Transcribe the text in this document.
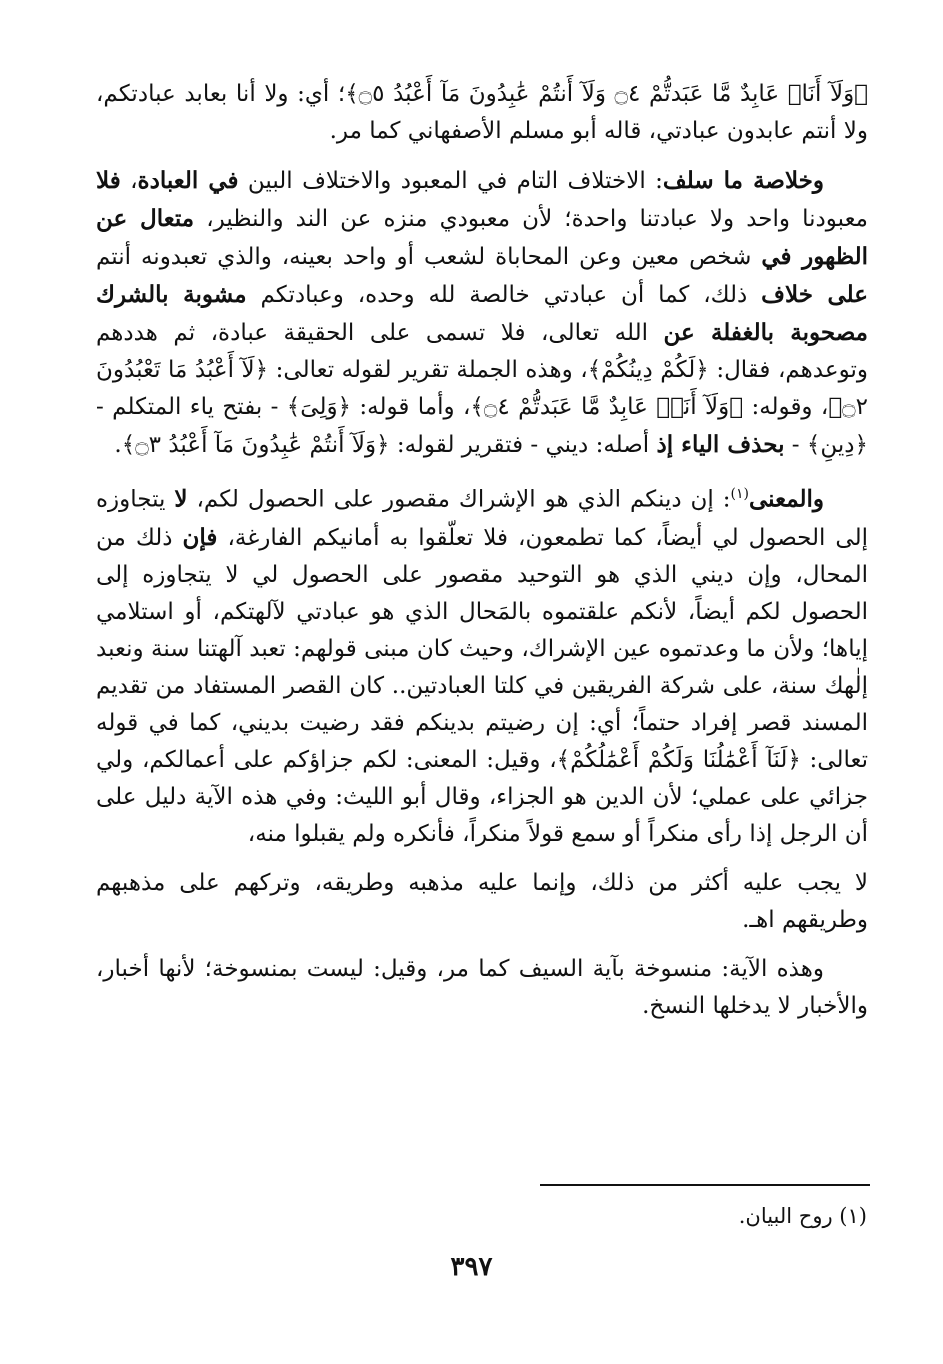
﴿وَلَآ أَنَا۠ عَابِدٌ مَّا عَبَدتُّمْ ۝٤ وَلَآ أَنتُمْ عَٰبِدُونَ مَآ أَعْبُدُ ۝٥﴾؛ أي: ولا أنا بعابد عبادتكم، ولا أنتم عابدون عبادتي، قاله أبو مسلم الأصفهاني كما مر.

وخلاصة ما سلف: الاختلاف التام في المعبود والاختلاف البين في العبادة، فلا معبودنا واحد ولا عبادتنا واحدة؛ لأن معبودي منزه عن الند والنظير، متعال عن الظهور في شخص معين وعن المحاباة لشعب أو واحد بعينه، والذي تعبدونه أنتم على خلاف ذلك، كما أن عبادتي خالصة لله وحده، وعبادتكم مشوبة بالشرك مصحوبة بالغفلة عن الله تعالى، فلا تسمى على الحقيقة عبادة، ثم هددهم وتوعدهم، فقال: ﴿لَكُمْ دِينُكُمْ﴾، وهذه الجملة تقرير لقوله تعالى: ﴿لَآ أَعْبُدُ مَا تَعْبُدُونَ ۝٢﴾، وقوله: ﴿وَلَآ أَنَا۠ عَابِدٌ مَّا عَبَدتُّمْ ۝٤﴾، وأما قوله: ﴿وَلِىَ﴾ - بفتح ياء المتكلم - ﴿دِينِ﴾ - بحذف الياء إذ أصله: ديني - فتقرير لقوله: ﴿وَلَآ أَنتُمْ عَٰبِدُونَ مَآ أَعْبُدُ ۝٣﴾.

والمعنى$^{(١)}$: إن دينكم الذي هو الإشراك مقصور على الحصول لكم، لا يتجاوزه إلى الحصول لي أيضاً، كما تطمعون، فلا تعلّقوا به أمانيكم الفارغة، فإن ذلك من المحال، وإن ديني الذي هو التوحيد مقصور على الحصول لي لا يتجاوزه إلى الحصول لكم أيضاً، لأنكم علقتموه بالمَحال الذي هو عبادتي لآلهتكم، أو استلامي إياها؛ ولأن ما وعدتموه عين الإشراك، وحيث كان مبنى قولهم: تعبد آلهتنا سنة ونعبد إلٰهك سنة، على شركة الفريقين في كلتا العبادتين.. كان القصر المستفاد من تقديم المسند قصر إفراد حتماً؛ أي: إن رضيتم بدينكم فقد رضيت بديني، كما في قوله تعالى: ﴿لَنَآ أَعْمَٰلُنَا وَلَكُمْ أَعْمَٰلُكُمْ﴾، وقيل: المعنى: لكم جزاؤكم على أعمالكم، ولي جزائي على عملي؛ لأن الدين هو الجزاء، وقال أبو الليث: وفي هذه الآية دليل على أن الرجل إذا رأى منكراً أو سمع قولاً منكراً، فأنكره ولم يقبلوا منه،

لا يجب عليه أكثر من ذلك، وإنما عليه مذهبه وطريقه، وتركهم على مذهبهم وطريقهم اهـ.

وهذه الآية: منسوخة بآية السيف كما مر، وقيل: ليست بمنسوخة؛ لأنها أخبار، والأخبار لا يدخلها النسخ.

(١) روح البيان.
٣٩٧
